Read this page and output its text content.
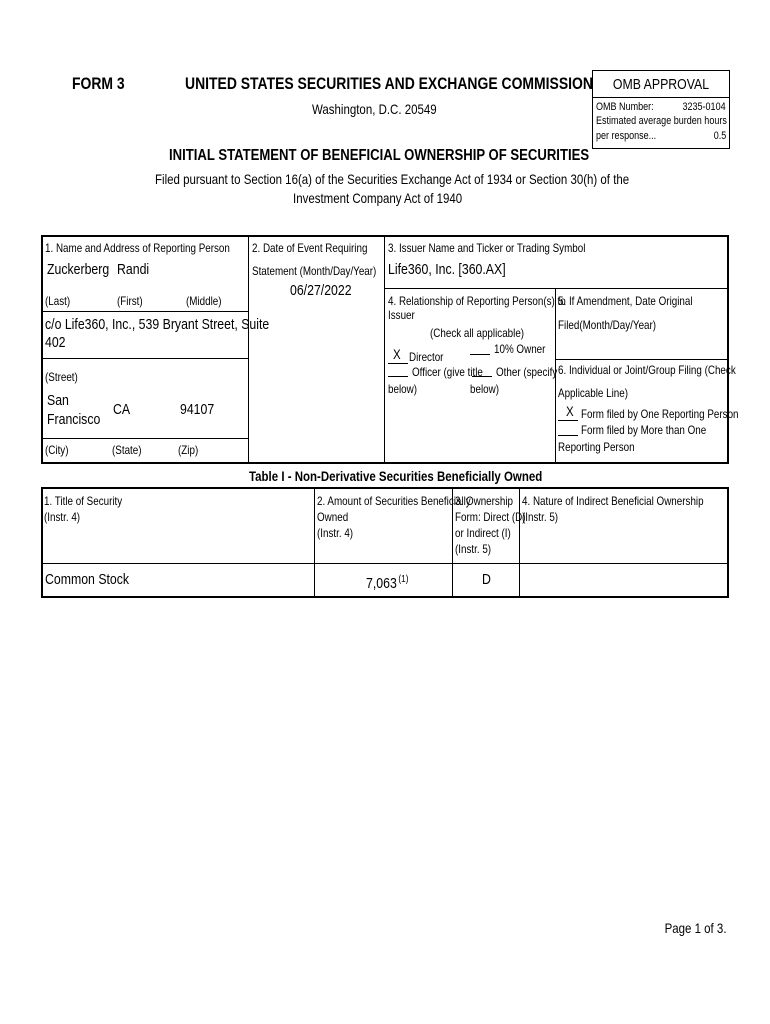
FORM 3	UNITED STATES SECURITIES AND EXCHANGE COMMISSION
Washington, D.C. 20549
OMB APPROVAL
OMB Number:	3235-0104
Estimated average burden hours
per response...	0.5
INITIAL STATEMENT OF BENEFICIAL OWNERSHIP OF SECURITIES
Filed pursuant to Section 16(a) of the Securities Exchange Act of 1934 or Section 30(h) of the
Investment Company Act of 1940
1. Name and Address of Reporting Person
Zuckerberg Randi
(Last)	(First)	(Middle)
c/o Life360, Inc., 539 Bryant Street, Suite
402
(Street)
San
Francisco
CA	94107
(City)	(State)	(Zip)
2. Date of Event Requiring
Statement (Month/Day/Year)
06/27/2022
3. Issuer Name and Ticker or Trading Symbol
Life360, Inc. [360.AX]
4. Relationship of Reporting Person(s) to
Issuer
(Check all applicable)
X Director
10% Owner
Officer (give title
below)
Other (specify
below)
5. If Amendment, Date Original
Filed(Month/Day/Year)
6. Individual or Joint/Group Filing (Check
Applicable Line)
X Form filed by One Reporting Person
Form filed by More than One
Reporting Person
Table I - Non-Derivative Securities Beneficially Owned
1. Title of Security
(Instr. 4)
2. Amount of Securities Beneficially
Owned
(Instr. 4)
3. Ownership
Form: Direct (D)
or Indirect (I)
(Instr. 5)
4. Nature of Indirect Beneficial Ownership
(Instr. 5)
Common Stock	7,063 $^{(1)}$	D
Page 1 of 3.
